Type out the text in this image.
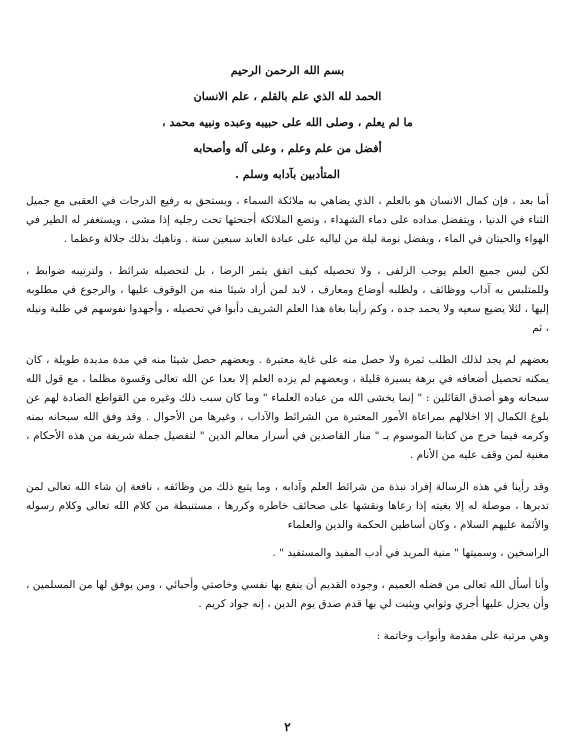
بسم الله الرحمن الرحيم
الحمد لله الذي علم بالقلم ، علم الانسان
ما لم يعلم ، وصلى الله على حبيبه وعبده ونبيه محمد ،
أفضل من علم وعلم ، وعلى آله وأصحابه
المتأدبين بآدابه وسلم .

أما بعد ، فإن كمال الانسان هو بالعلم ، الذي يضاهي به ملائكة السماء ، ويستحق به رفيع الدرجات في العقبى مع جميل الثناء في الدنيا ، ويتفضل مداده على دماء الشهداء ، وتضع الملائكة أجنحتها تحت رجليه إذا مشى ، ويستغفر له الطير في الهواء والحيتان في الماء ، ويفضل نومة ليلة من لياليه على عبادة العابد سبعين سنة . وناهيك بذلك جلالة وعظما .

لكن ليس جميع العلم يوجب الزلفى ، ولا تحصيله كيف اتفق يثمر الرضا ، بل لتحصيله شرائط ، ولترتيبه ضوابط ، وللمتلبس به آداب ووظائف ، ولطلبه أوضاع ومعارف ، لابد لمن أراد شيئا منه من الوقوف عليها ، والرجوع في مطلوبه إليها ، لئلا يضيع سعيه ولا يحمد جده ، وكم رأينا بغاة هذا العلم الشريف دأبوا في تحصيله ، وأجهدوا نفوسهم في طلبة ونيله ، ثم

بعضهم لم يجد لذلك الطلب ثمرة ولا حصل منه على غاية معتبرة . وبعضهم حصل شيئا منه في مدة مديدة طويلة ، كان يمكنه تحصيل أضعافه في برهة يسيرة قليلة ، وبعضهم لم يزده العلم إلا بعدا عن الله تعالى وقسوة مظلما ، مع قول الله سبحانه وهو أصدق القائلين : " إنما يخشى الله من عباده العلماء " وما كان سبب ذلك وغيره من القواطع الصادة لهم عن بلوغ الكمال إلا اخلالهم بمراعاة الأمور المعتبرة من الشرائط والآداب ، وغيرها من الأحوال . وقد وفق الله سبحانه بمنه وكرمه فيما خرج من كتابنا الموسوم بـ " منار القاصدين في أسرار معالم الدين " لتفصيل جملة شريفة من هذه الأحكام ، مغنية لمن وقف عليه من الأنام .

وقد رأينا في هذه الرسالة إفراد نبذة من شرائط العلم وآدابه ، وما يتبع ذلك من وظائفه ، نافعة إن شاء الله تعالى لمن تدبرها ، موصلة له إلا بغيته إذا رعاها ونقشها على صحائف خاطره وكررها ، مستنبطة من كلام الله تعالى وكلام رسوله والأئمة عليهم السلام ، وكان أساطين الحكمة والدين والعلماء

الراسخين ، وسميتها " منية المريد في أدب المفيد والمستفيد " .

وأنا أسأل الله تعالى من فضله العميم ، وجوده القديم أن ينفع بها نفسي وخاصتي وأحبائي ، ومن يوفق لها من المسلمين ، وأن يجزل عليها أجري وثوابي ويثبت لي بها قدم صدق يوم الدين ، إنه جواد كريم .

وهي مرتبة على مقدمة وأبواب وخاتمة :

٢
